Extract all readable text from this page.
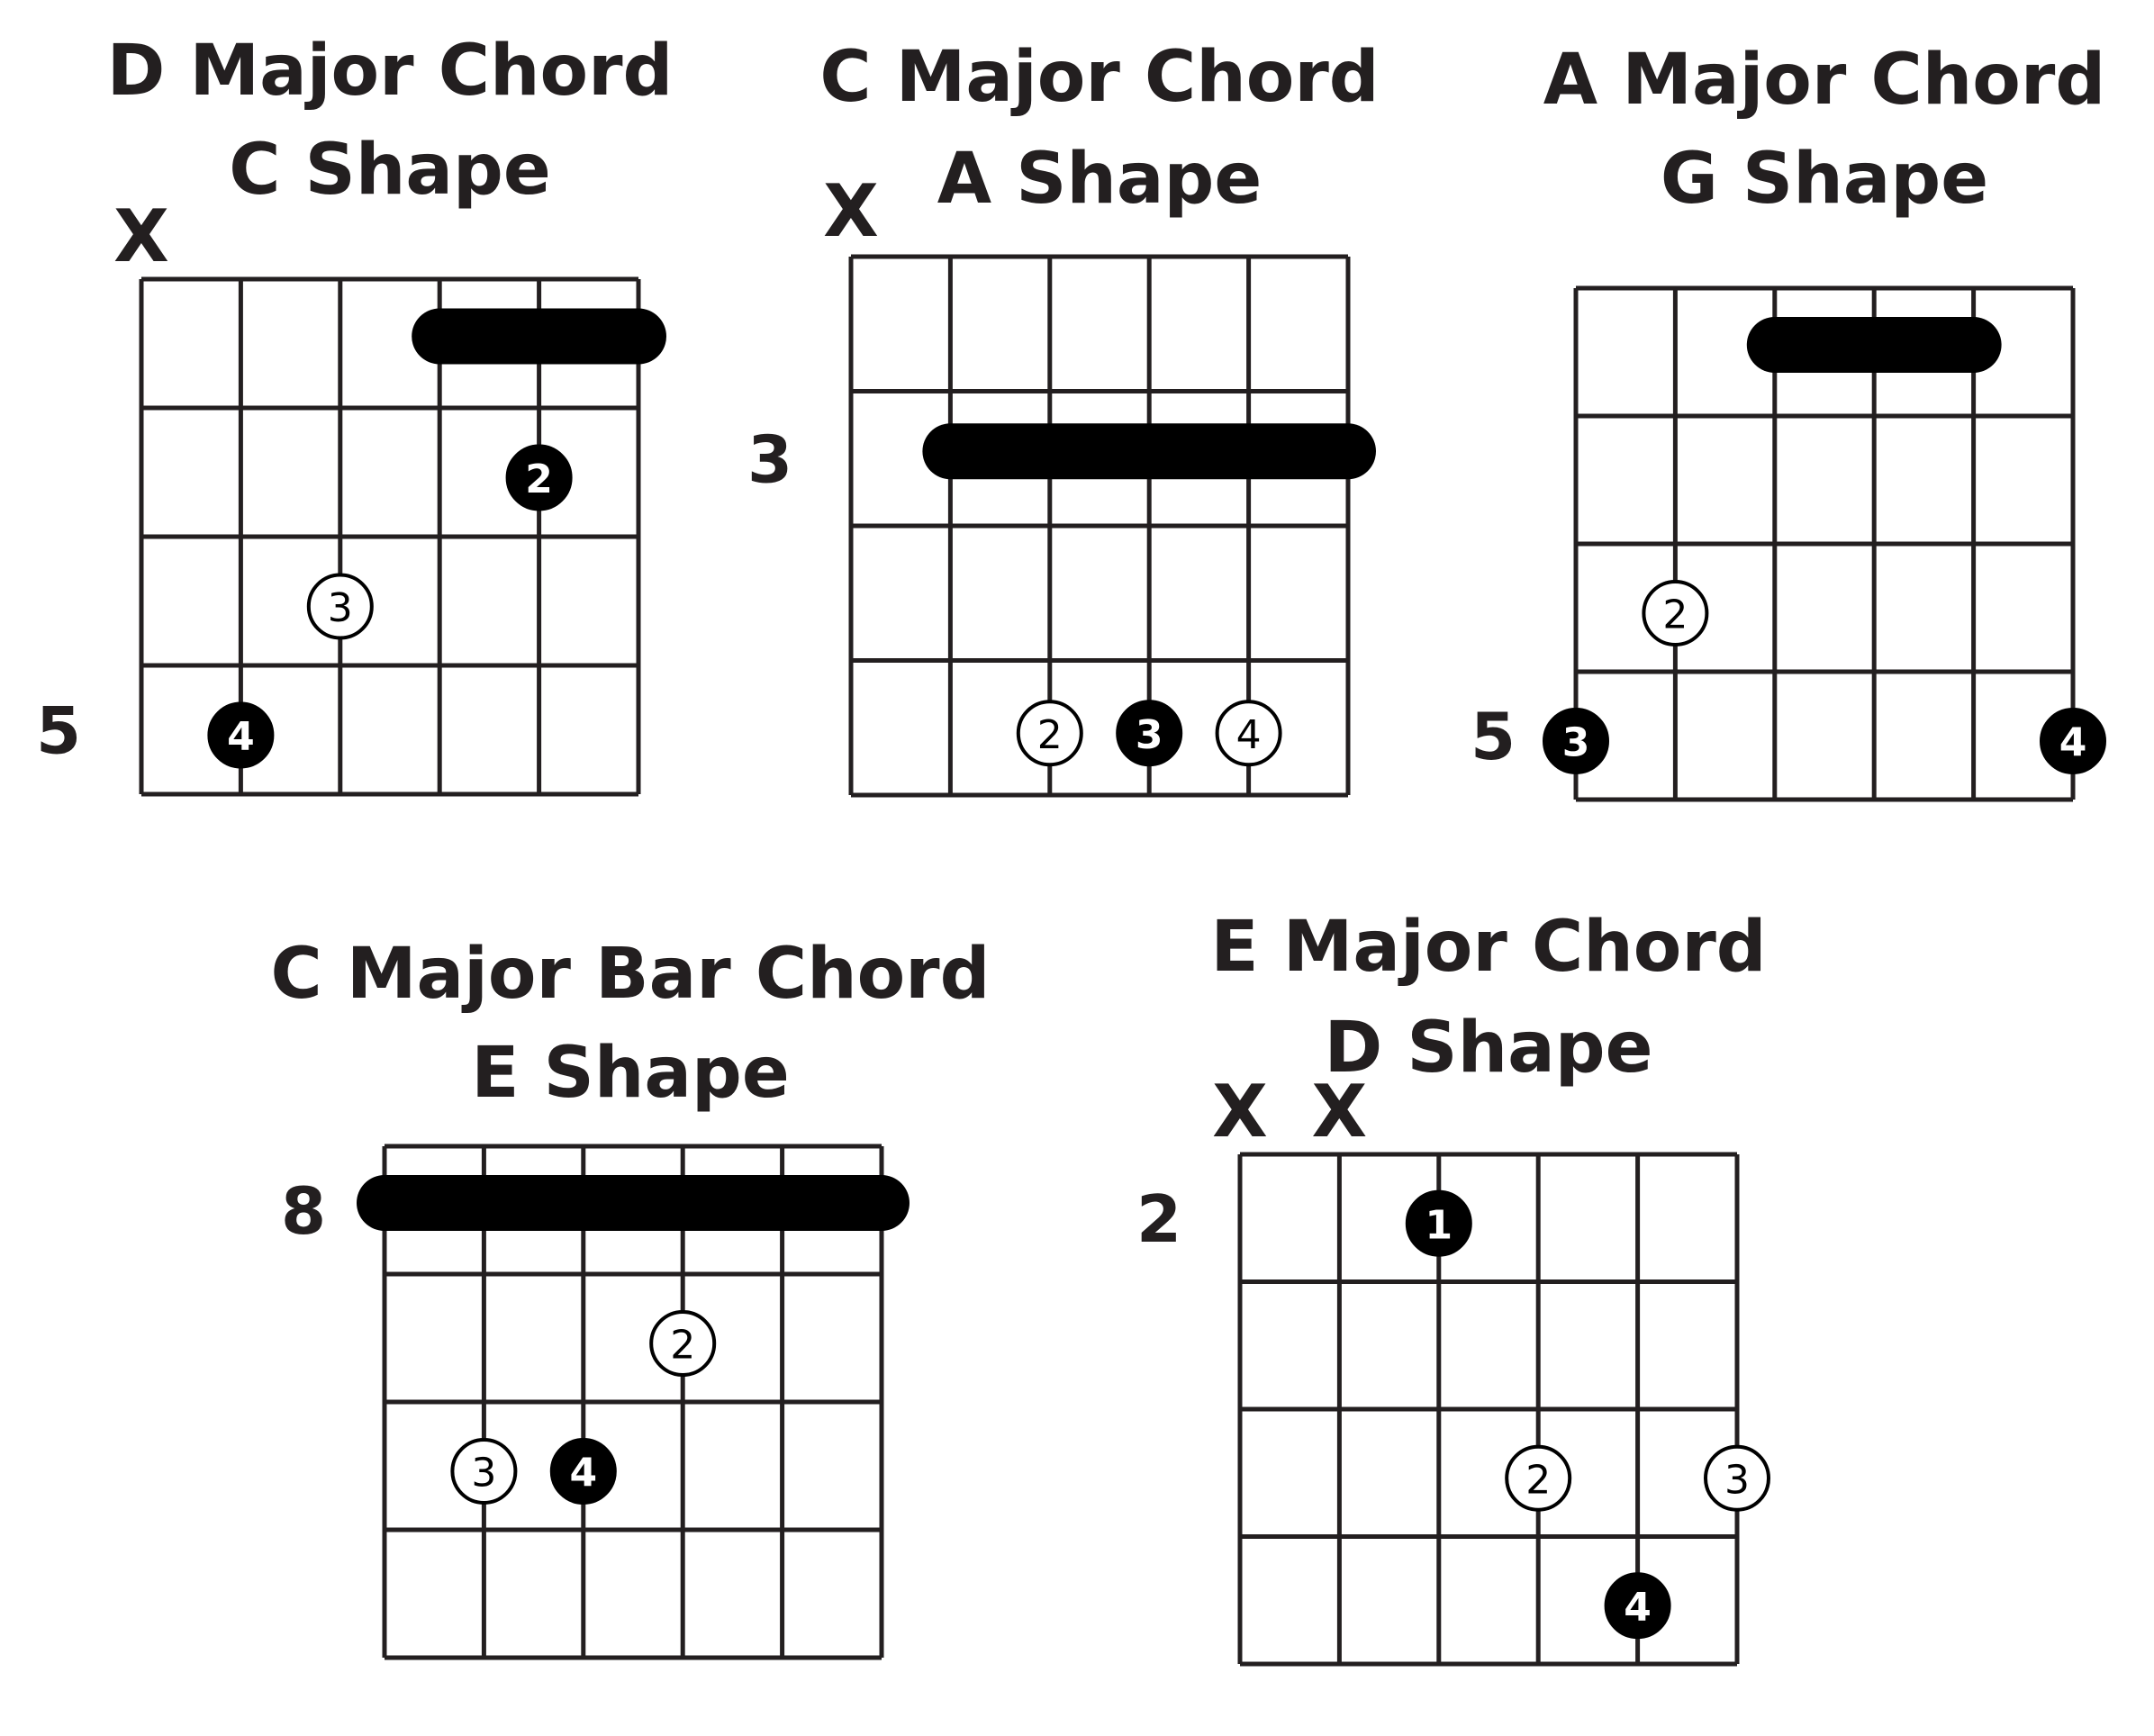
D Major Chord
C Shape
X
5
2
3
4
C Major Chord
A Shape
X
3
2 3 4
A Major Chord
G Shape
5
2
3	4
C Major Bar Chord
E Shape
8
2
3 4
E Major Chord
D Shape
X X
2	1
2	3
4
